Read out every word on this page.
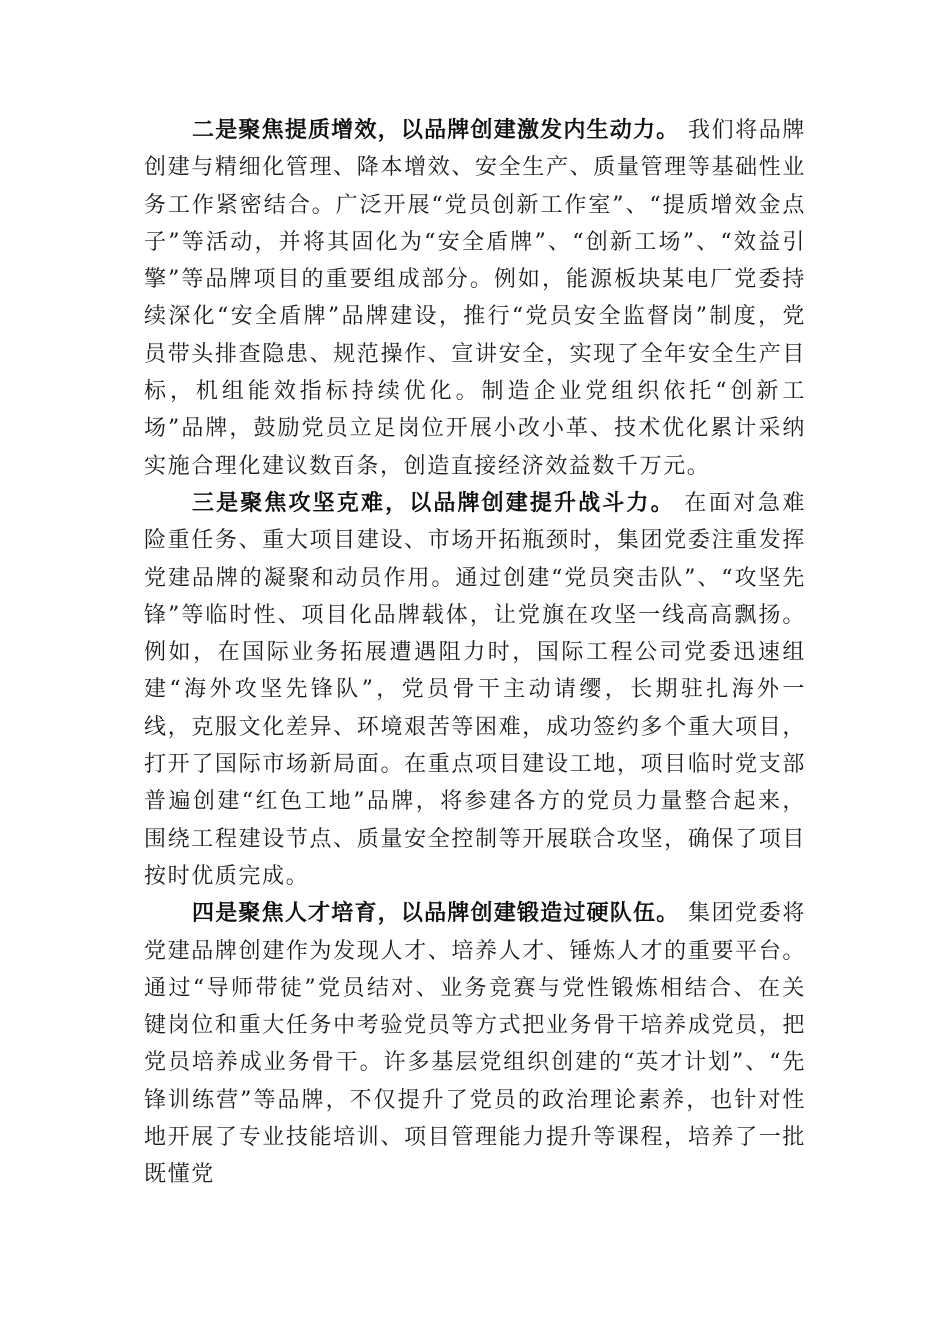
二是聚焦提质增效，以品牌创建激发内生动力。 我们将品牌创建与精细化管理、降本增效、安全生产、质量管理等基础性业务工作紧密结合。广泛开展“党员创新工作室”、“提质增效金点子”等活动，并将其固化为“安全盾牌”、“创新工场”、“效益引擎”等品牌项目的重要组成部分。例如，能源板块某电厂党委持续深化“安全盾牌”品牌建设，推行“党员安全监督岗”制度，党员带头排查隐患、规范操作、宣讲安全，实现了全年安全生产目标，机组能效指标持续优化。制造企业党组织依托“创新工场”品牌，鼓励党员立足岗位开展小改小革、技术优化累计采纳实施合理化建议数百条，创造直接经济效益数千万元。

三是聚焦攻坚克难，以品牌创建提升战斗力。 在面对急难险重任务、重大项目建设、市场开拓瓶颈时，集团党委注重发挥党建品牌的凝聚和动员作用。通过创建“党员突击队”、“攻坚先锋”等临时性、项目化品牌载体，让党旗在攻坚一线高高飘扬。例如，在国际业务拓展遭遇阻力时，国际工程公司党委迅速组建“海外攻坚先锋队”，党员骨干主动请缨，长期驻扎海外一线，克服文化差异、环境艰苦等困难，成功签约多个重大项目，打开了国际市场新局面。在重点项目建设工地，项目临时党支部普遍创建“红色工地”品牌，将参建各方的党员力量整合起来，围绕工程建设节点、质量安全控制等开展联合攻坚，确保了项目按时优质完成。

四是聚焦人才培育，以品牌创建锻造过硬队伍。 集团党委将党建品牌创建作为发现人才、培养人才、锤炼人才的重要平台。通过“导师带徒”党员结对、业务竞赛与党性锻炼相结合、在关键岗位和重大任务中考验党员等方式把业务骨干培养成党员，把党员培养成业务骨干。许多基层党组织创建的“英才计划”、“先锋训练营”等品牌，不仅提升了党员的政治理论素养，也针对性地开展了专业技能培训、项目管理能力提升等课程，培养了一批既懂党
